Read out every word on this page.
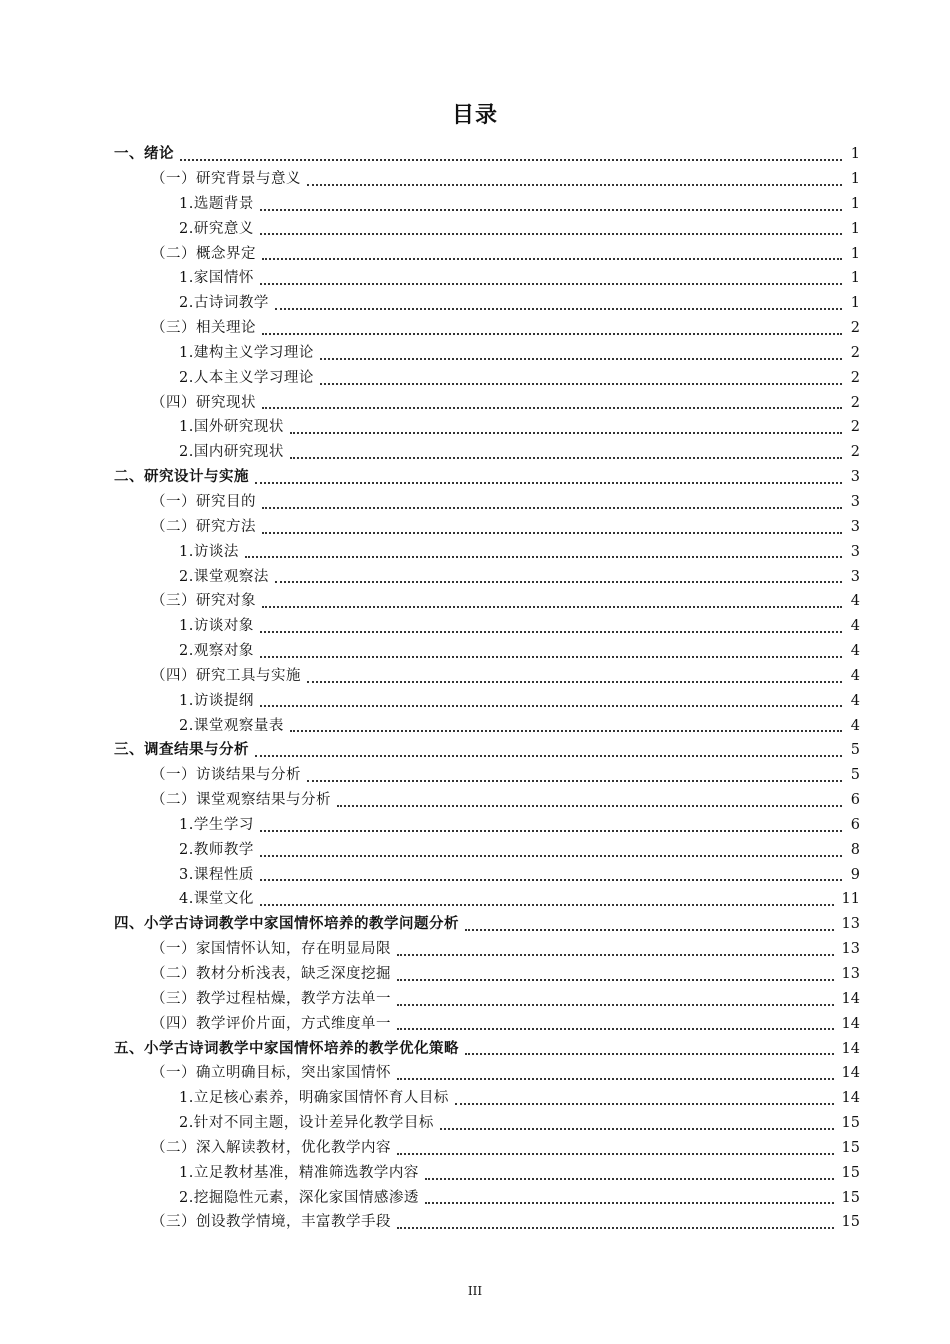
目录
一、绪论	1
（一）研究背景与意义	1
1.选题背景	1
2.研究意义	1
（二）概念界定	1
1.家国情怀	1
2.古诗词教学	1
（三）相关理论	2
1.建构主义学习理论	2
2.人本主义学习理论	2
（四）研究现状	2
1.国外研究现状	2
2.国内研究现状	2
二、研究设计与实施	3
（一）研究目的	3
（二）研究方法	3
1.访谈法	3
2.课堂观察法	3
（三）研究对象	4
1.访谈对象	4
2.观察对象	4
（四）研究工具与实施	4
1.访谈提纲	4
2.课堂观察量表	4
三、调查结果与分析	5
（一）访谈结果与分析	5
（二）课堂观察结果与分析	6
1.学生学习	6
2.教师教学	8
3.课程性质	9
4.课堂文化	11
四、小学古诗词教学中家国情怀培养的教学问题分析	13
（一）家国情怀认知，存在明显局限	13
（二）教材分析浅表，缺乏深度挖掘	13
（三）教学过程枯燥，教学方法单一	14
（四）教学评价片面，方式维度单一	14
五、小学古诗词教学中家国情怀培养的教学优化策略	14
（一）确立明确目标，突出家国情怀	14
1.立足核心素养，明确家国情怀育人目标	14
2.针对不同主题，设计差异化教学目标	15
（二）深入解读教材，优化教学内容	15
1.立足教材基准，精准筛选教学内容	15
2.挖掘隐性元素，深化家国情感渗透	15
（三）创设教学情境，丰富教学手段	15
III
